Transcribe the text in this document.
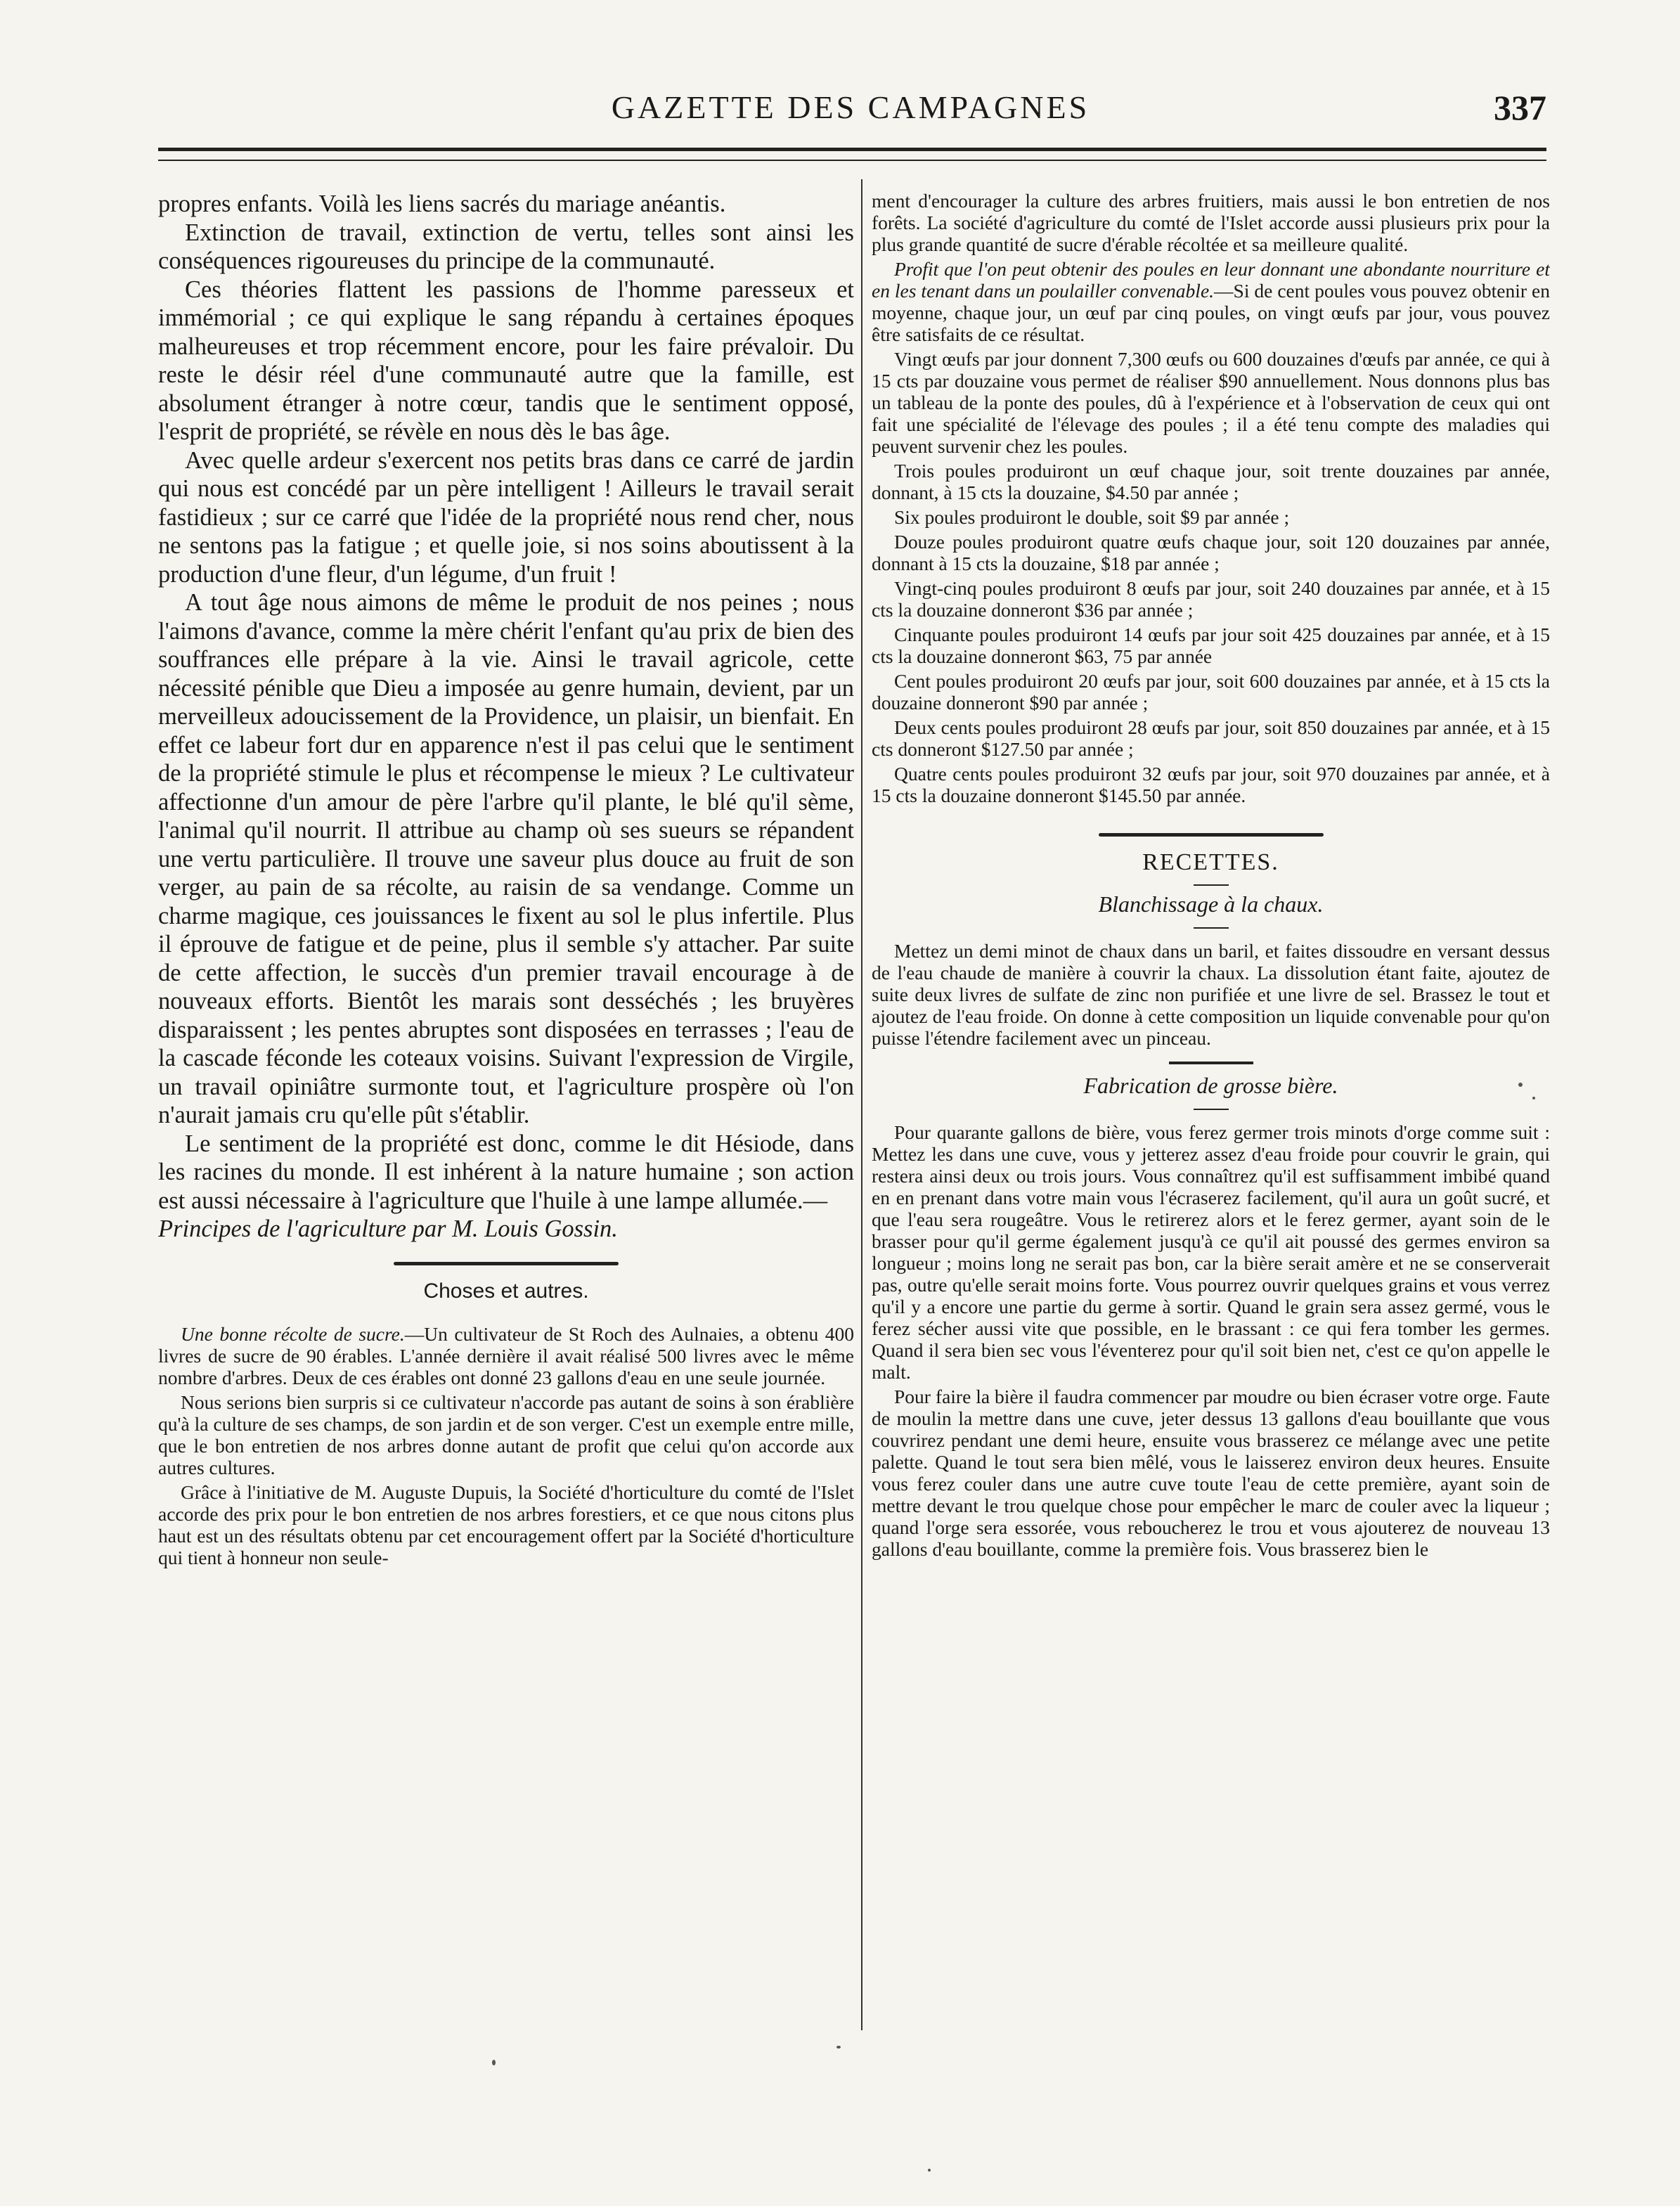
GAZETTE DES CAMPAGNES	337

propres enfants. Voilà les liens sacrés du mariage anéantis.

Extinction de travail, extinction de vertu, telles sont ainsi les conséquences rigoureuses du principe de la communauté.

Ces théories flattent les passions de l'homme paresseux et immémorial ; ce qui explique le sang répandu à certaines époques malheureuses et trop récemment encore, pour les faire prévaloir. Du reste le désir réel d'une communauté autre que la famille, est absolument étranger à notre cœur, tandis que le sentiment opposé, l'esprit de propriété, se révèle en nous dès le bas âge.

Avec quelle ardeur s'exercent nos petits bras dans ce carré de jardin qui nous est concédé par un père intelligent ! Ailleurs le travail serait fastidieux ; sur ce carré que l'idée de la propriété nous rend cher, nous ne sentons pas la fatigue ; et quelle joie, si nos soins aboutissent à la production d'une fleur, d'un légume, d'un fruit !

A tout âge nous aimons de même le produit de nos peines ; nous l'aimons d'avance, comme la mère chérit l'enfant qu'au prix de bien des souffrances elle prépare à la vie. Ainsi le travail agricole, cette nécessité pénible que Dieu a imposée au genre humain, devient, par un merveilleux adoucissement de la Providence, un plaisir, un bienfait. En effet ce labeur fort dur en apparence n'est il pas celui que le sentiment de la propriété stimule le plus et récompense le mieux ? Le cultivateur affectionne d'un amour de père l'arbre qu'il plante, le blé qu'il sème, l'animal qu'il nourrit. Il attribue au champ où ses sueurs se répandent une vertu particulière. Il trouve une saveur plus douce au fruit de son verger, au pain de sa récolte, au raisin de sa vendange. Comme un charme magique, ces jouissances le fixent au sol le plus infertile. Plus il éprouve de fatigue et de peine, plus il semble s'y attacher. Par suite de cette affection, le succès d'un premier travail encourage à de nouveaux efforts. Bientôt les marais sont desséchés ; les bruyères disparaissent ; les pentes abruptes sont disposées en terrasses ; l'eau de la cascade féconde les coteaux voisins. Suivant l'expression de Virgile, un travail opiniâtre surmonte tout, et l'agriculture prospère où l'on n'aurait jamais cru qu'elle pût s'établir.

Le sentiment de la propriété est donc, comme le dit Hésiode, dans les racines du monde. Il est inhérent à la nature humaine ; son action est aussi nécessaire à l'agriculture que l'huile à une lampe allumée.—

Principes de l'agriculture par M. Louis Gossin.

Choses et autres.

Une bonne récolte de sucre.—Un cultivateur de St Roch des Aulnaies, a obtenu 400 livres de sucre de 90 érables. L'année dernière il avait réalisé 500 livres avec le même nombre d'arbres. Deux de ces érables ont donné 23 gallons d'eau en une seule journée.

Nous serions bien surpris si ce cultivateur n'accorde pas autant de soins à son érablière qu'à la culture de ses champs, de son jardin et de son verger. C'est un exemple entre mille, que le bon entretien de nos arbres donne autant de profit que celui qu'on accorde aux autres cultures.

Grâce à l'initiative de M. Auguste Dupuis, la Société d'horticulture du comté de l'Islet accorde des prix pour le bon entretien de nos arbres forestiers, et ce que nous citons plus haut est un des résultats obtenu par cet encouragement offert par la Société d'horticulture qui tient à honneur non seule-

ment d'encourager la culture des arbres fruitiers, mais aussi le bon entretien de nos forêts. La société d'agriculture du comté de l'Islet accorde aussi plusieurs prix pour la plus grande quantité de sucre d'érable récoltée et sa meilleure qualité.

Profit que l'on peut obtenir des poules en leur donnant une abondante nourriture et en les tenant dans un poulailler convenable.—Si de cent poules vous pouvez obtenir en moyenne, chaque jour, un œuf par cinq poules, on vingt œufs par jour, vous pouvez être satisfaits de ce résultat.

Vingt œufs par jour donnent 7,300 œufs ou 600 douzaines d'œufs par année, ce qui à 15 cts par douzaine vous permet de réaliser $90 annuellement. Nous donnons plus bas un tableau de la ponte des poules, dû à l'expérience et à l'observation de ceux qui ont fait une spécialité de l'élevage des poules ; il a été tenu compte des maladies qui peuvent survenir chez les poules.

Trois poules produiront un œuf chaque jour, soit trente douzaines par année, donnant, à 15 cts la douzaine, $4.50 par année ;

Six poules produiront le double, soit $9 par année ;

Douze poules produiront quatre œufs chaque jour, soit 120 douzaines par année, donnant à 15 cts la douzaine, $18 par année ;

Vingt-cinq poules produiront 8 œufs par jour, soit 240 douzaines par année, et à 15 cts la douzaine donneront $36 par année ;

Cinquante poules produiront 14 œufs par jour soit 425 douzaines par année, et à 15 cts la douzaine donneront $63, 75 par année

Cent poules produiront 20 œufs par jour, soit 600 douzaines par année, et à 15 cts la douzaine donneront $90 par année ;

Deux cents poules produiront 28 œufs par jour, soit 850 douzaines par année, et à 15 cts donneront $127.50 par année ;

Quatre cents poules produiront 32 œufs par jour, soit 970 douzaines par année, et à 15 cts la douzaine donneront $145.50 par année.

RECETTES.
Blanchissage à la chaux.

Mettez un demi minot de chaux dans un baril, et faites dissoudre en versant dessus de l'eau chaude de manière à couvrir la chaux. La dissolution étant faite, ajoutez de suite deux livres de sulfate de zinc non purifiée et une livre de sel. Brassez le tout et ajoutez de l'eau froide. On donne à cette composition un liquide convenable pour qu'on puisse l'étendre facilement avec un pinceau.

Fabrication de grosse bière.

Pour quarante gallons de bière, vous ferez germer trois minots d'orge comme suit : Mettez les dans une cuve, vous y jetterez assez d'eau froide pour couvrir le grain, qui restera ainsi deux ou trois jours. Vous connaîtrez qu'il est suffisamment imbibé quand en en prenant dans votre main vous l'écraserez facilement, qu'il aura un goût sucré, et que l'eau sera rougeâtre. Vous le retirerez alors et le ferez germer, ayant soin de le brasser pour qu'il germe également jusqu'à ce qu'il ait poussé des germes environ sa longueur ; moins long ne serait pas bon, car la bière serait amère et ne se conserverait pas, outre qu'elle serait moins forte. Vous pourrez ouvrir quelques grains et vous verrez qu'il y a encore une partie du germe à sortir. Quand le grain sera assez germé, vous le ferez sécher aussi vite que possible, en le brassant : ce qui fera tomber les germes. Quand il sera bien sec vous l'éventerez pour qu'il soit bien net, c'est ce qu'on appelle le malt.

Pour faire la bière il faudra commencer par moudre ou bien écraser votre orge. Faute de moulin la mettre dans une cuve, jeter dessus 13 gallons d'eau bouillante que vous couvrirez pendant une demi heure, ensuite vous brasserez ce mélange avec une petite palette. Quand le tout sera bien mêlé, vous le laisserez environ deux heures. Ensuite vous ferez couler dans une autre cuve toute l'eau de cette première, ayant soin de mettre devant le trou quelque chose pour empêcher le marc de couler avec la liqueur ; quand l'orge sera essorée, vous reboucherez le trou et vous ajouterez de nouveau 13 gallons d'eau bouillante, comme la première fois. Vous brasserez bien le
